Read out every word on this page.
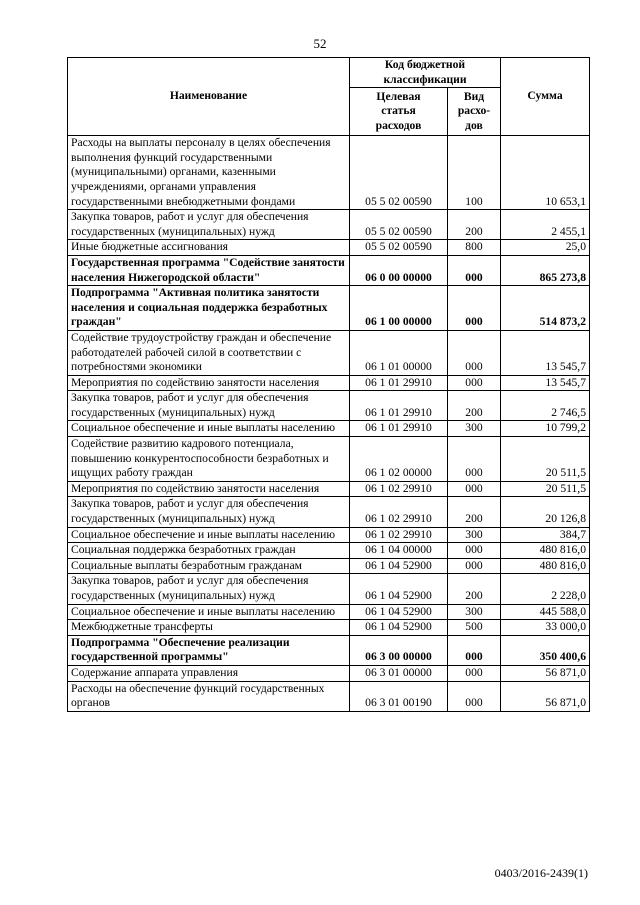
52
Наименование	Код бюджетной классификации		Сумма
	Целевая статья расходов	Вид расхо-дов	
Расходы на выплаты персоналу в целях обеспечения выполнения функций государственными (муниципальными) органами, казенными учреждениями, органами управления государственными внебюджетными фондами	05 5 02 00590	100	10 653,1
Закупка товаров, работ и услуг для обеспечения государственных (муниципальных) нужд	05 5 02 00590	200	2 455,1
Иные бюджетные ассигнования	05 5 02 00590	800	25,0
Государственная программа "Содействие занятости населения Нижегородской области"	06 0 00 00000	000	865 273,8
Подпрограмма "Активная политика занятости населения и социальная поддержка безработных граждан"	06 1 00 00000	000	514 873,2
Содействие трудоустройству граждан и обеспечение работодателей рабочей силой в соответствии с потребностями экономики	06 1 01 00000	000	13 545,7
Мероприятия по содействию занятости населения	06 1 01 29910	000	13 545,7
Закупка товаров, работ и услуг для обеспечения государственных (муниципальных) нужд	06 1 01 29910	200	2 746,5
Социальное обеспечение и иные выплаты населению	06 1 01 29910	300	10 799,2
Содействие развитию кадрового потенциала, повышению конкурентоспособности безработных и ищущих работу граждан	06 1 02 00000	000	20 511,5
Мероприятия по содействию занятости населения	06 1 02 29910	000	20 511,5
Закупка товаров, работ и услуг для обеспечения государственных (муниципальных) нужд	06 1 02 29910	200	20 126,8
Социальное обеспечение и иные выплаты населению	06 1 02 29910	300	384,7
Социальная поддержка безработных граждан	06 1 04 00000	000	480 816,0
Социальные выплаты безработным гражданам	06 1 04 52900	000	480 816,0
Закупка товаров, работ и услуг для обеспечения государственных (муниципальных) нужд	06 1 04 52900	200	2 228,0
Социальное обеспечение и иные выплаты населению	06 1 04 52900	300	445 588,0
Межбюджетные трансферты	06 1 04 52900	500	33 000,0
Подпрограмма "Обеспечение реализации государственной программы"	06 3 00 00000	000	350 400,6
Содержание аппарата управления	06 3 01 00000	000	56 871,0
Расходы на обеспечение функций государственных органов	06 3 01 00190	000	56 871,0
0403/2016-2439(1)
